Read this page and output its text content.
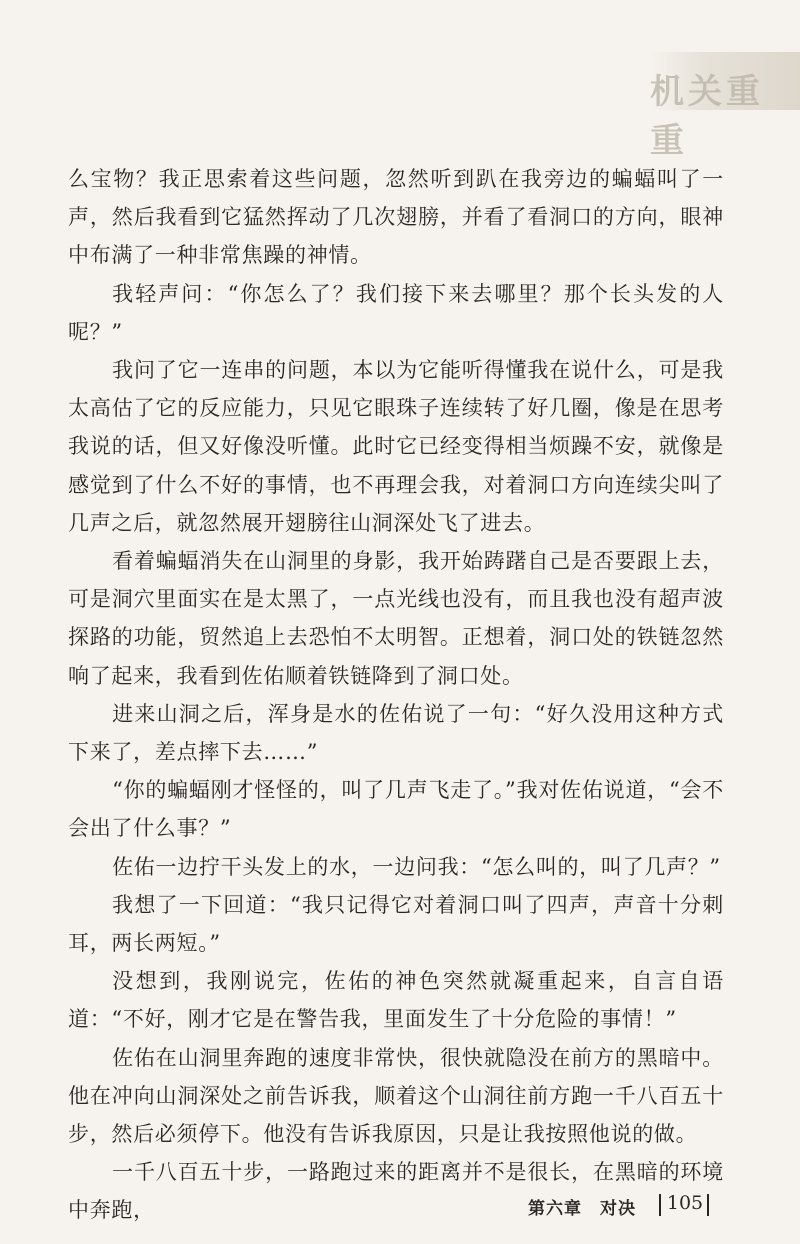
机关重重

么宝物？我正思索着这些问题，忽然听到趴在我旁边的蝙蝠叫了一声，然后我看到它猛然挥动了几次翅膀，并看了看洞口的方向，眼神中布满了一种非常焦躁的神情。

我轻声问：“你怎么了？我们接下来去哪里？那个长头发的人呢？”

我问了它一连串的问题，本以为它能听得懂我在说什么，可是我太高估了它的反应能力，只见它眼珠子连续转了好几圈，像是在思考我说的话，但又好像没听懂。此时它已经变得相当烦躁不安，就像是感觉到了什么不好的事情，也不再理会我，对着洞口方向连续尖叫了几声之后，就忽然展开翅膀往山洞深处飞了进去。

看着蝙蝠消失在山洞里的身影，我开始踌躇自己是否要跟上去，可是洞穴里面实在是太黑了，一点光线也没有，而且我也没有超声波探路的功能，贸然追上去恐怕不太明智。正想着，洞口处的铁链忽然响了起来，我看到佐佑顺着铁链降到了洞口处。

进来山洞之后，浑身是水的佐佑说了一句：“好久没用这种方式下来了，差点摔下去……”

“你的蝙蝠刚才怪怪的，叫了几声飞走了。”我对佐佑说道，“会不会出了什么事？”

佐佑一边拧干头发上的水，一边问我：“怎么叫的，叫了几声？”

我想了一下回道：“我只记得它对着洞口叫了四声，声音十分刺耳，两长两短。”

没想到，我刚说完，佐佑的神色突然就凝重起来，自言自语道：“不好，刚才它是在警告我，里面发生了十分危险的事情！”

佐佑在山洞里奔跑的速度非常快，很快就隐没在前方的黑暗中。他在冲向山洞深处之前告诉我，顺着这个山洞往前方跑一千八百五十步，然后必须停下。他没有告诉我原因，只是让我按照他说的做。

一千八百五十步，一路跑过来的距离并不是很长，在黑暗的环境中奔跑，	第六章　对决 105
